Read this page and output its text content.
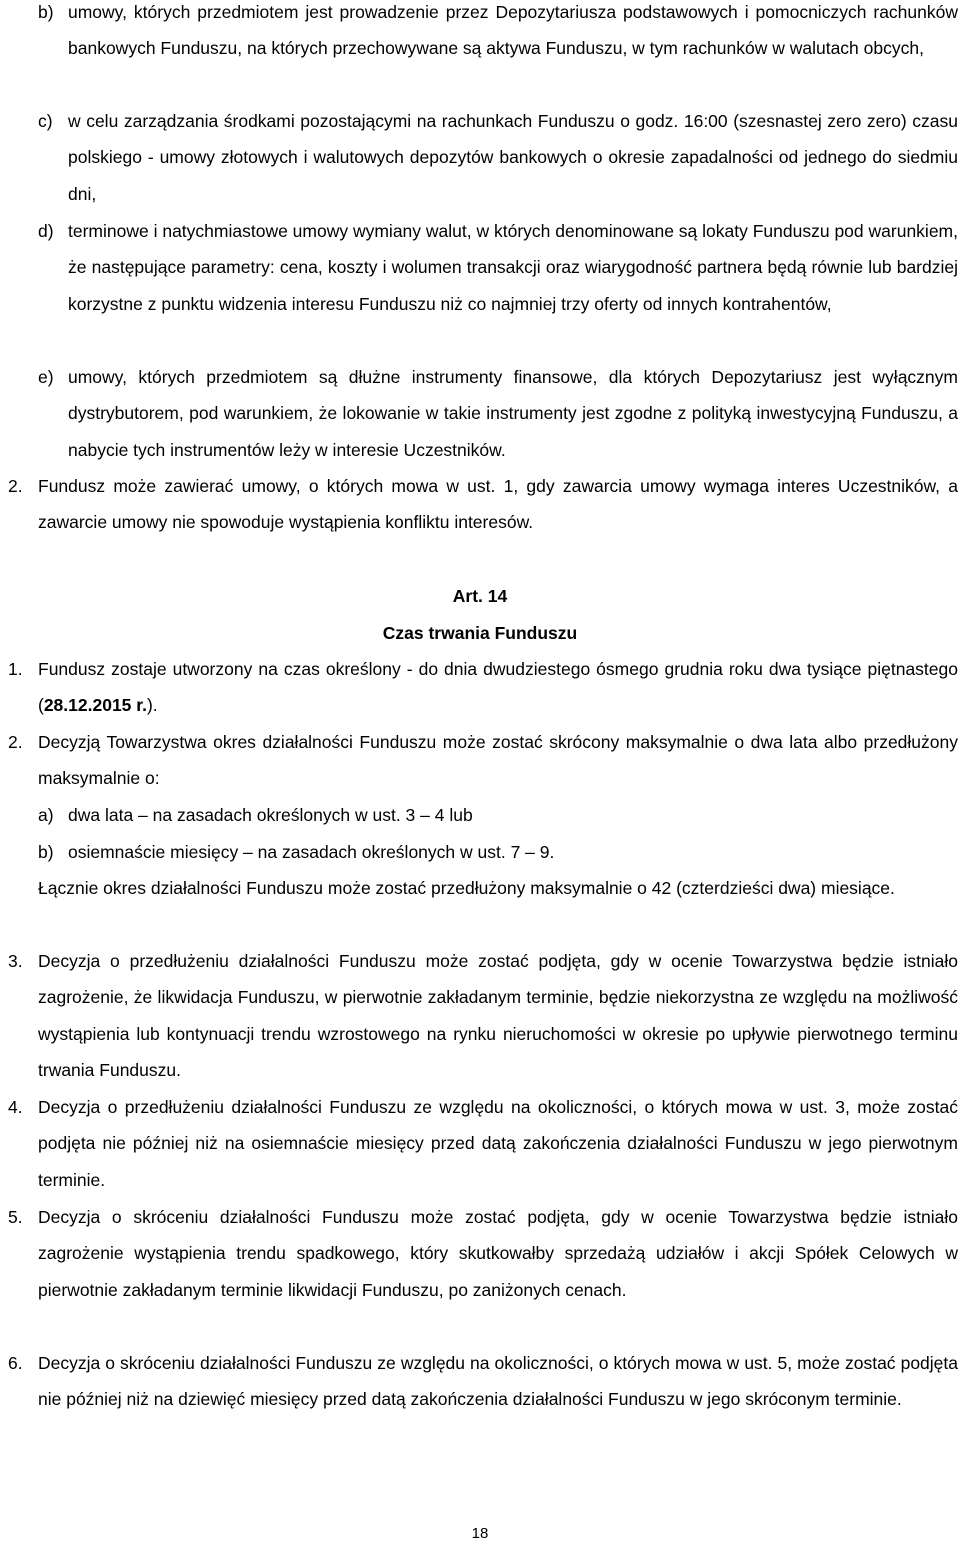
b) umowy, których przedmiotem jest prowadzenie przez Depozytariusza podstawowych i pomocniczych rachunków bankowych Funduszu, na których przechowywane są aktywa Funduszu, w tym rachunków w walutach obcych,
c) w celu zarządzania środkami pozostającymi na rachunkach Funduszu o godz. 16:00 (szesnastej zero zero) czasu polskiego - umowy złotowych i walutowych depozytów bankowych o okresie zapadalności od jednego do siedmiu dni,
d) terminowe i natychmiastowe umowy wymiany walut, w których denominowane są lokaty Funduszu pod warunkiem, że następujące parametry: cena, koszty i wolumen transakcji oraz wiarygodność partnera będą równie lub bardziej korzystne z punktu widzenia interesu Funduszu niż co najmniej trzy oferty od innych kontrahentów,
e) umowy, których przedmiotem są dłużne instrumenty finansowe, dla których Depozytariusz jest wyłącznym dystrybutorem, pod warunkiem, że lokowanie w takie instrumenty jest zgodne z polityką inwestycyjną Funduszu, a nabycie tych instrumentów leży w interesie Uczestników.
2. Fundusz może zawierać umowy, o których mowa w ust. 1, gdy zawarcia umowy wymaga interes Uczestników, a zawarcie umowy nie spowoduje wystąpienia konfliktu interesów.
Art. 14
Czas trwania Funduszu
1. Fundusz zostaje utworzony na czas określony - do dnia dwudziestego ósmego grudnia roku dwa tysiące piętnastego (28.12.2015 r.).
2. Decyzją Towarzystwa okres działalności Funduszu może zostać skrócony maksymalnie o dwa lata albo przedłużony maksymalnie o:
a) dwa lata – na zasadach określonych w ust. 3 – 4 lub
b) osiemnaście miesięcy – na zasadach określonych w ust. 7 – 9.
Łącznie okres działalności Funduszu może zostać przedłużony maksymalnie o 42 (czterdzieści dwa) miesiące.
3. Decyzja o przedłużeniu działalności Funduszu może zostać podjęta, gdy w ocenie Towarzystwa będzie istniało zagrożenie, że likwidacja Funduszu, w pierwotnie zakładanym terminie, będzie niekorzystna ze względu na możliwość wystąpienia lub kontynuacji trendu wzrostowego na rynku nieruchomości w okresie po upływie pierwotnego terminu trwania Funduszu.
4. Decyzja o przedłużeniu działalności Funduszu ze względu na okoliczności, o których mowa w ust. 3, może zostać podjęta nie później niż na osiemnaście miesięcy przed datą zakończenia działalności Funduszu w jego pierwotnym terminie.
5. Decyzja o skróceniu działalności Funduszu może zostać podjęta, gdy w ocenie Towarzystwa będzie istniało zagrożenie wystąpienia trendu spadkowego, który skutkowałby sprzedażą udziałów i akcji Spółek Celowych w pierwotnie zakładanym terminie likwidacji Funduszu, po zaniżonych cenach.
6. Decyzja o skróceniu działalności Funduszu ze względu na okoliczności, o których mowa w ust. 5, może zostać podjęta nie później niż na dziewięć miesięcy przed datą zakończenia działalności Funduszu w jego skróconym terminie.
18
